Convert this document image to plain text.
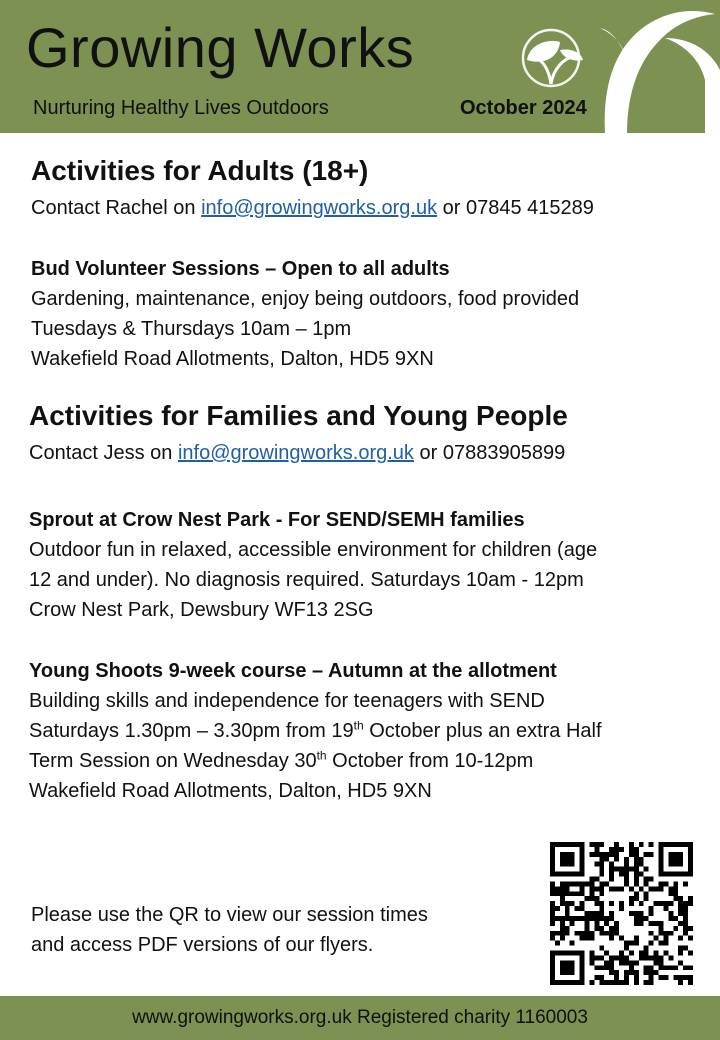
Growing Works
Nurturing Healthy Lives Outdoors	October 2024
Activities for Adults (18+)
Contact Rachel on info@growingworks.org.uk or 07845 415289
Bud Volunteer Sessions – Open to all adults
Gardening, maintenance, enjoy being outdoors, food provided
Tuesdays & Thursdays 10am – 1pm
Wakefield Road Allotments, Dalton, HD5 9XN
Activities for Families and Young People
Contact Jess on info@growingworks.org.uk or 07883905899
Sprout at Crow Nest Park - For SEND/SEMH families
Outdoor fun in relaxed, accessible environment for children (age
12 and under). No diagnosis required. Saturdays 10am - 12pm
Crow Nest Park, Dewsbury WF13 2SG
Young Shoots 9-week course – Autumn at the allotment
Building skills and independence for teenagers with SEND
Saturdays 1.30pm – 3.30pm from 19th October plus an extra Half
Term Session on Wednesday 30th October from 10-12pm
Wakefield Road Allotments, Dalton, HD5 9XN
Please use the QR to view our session times
and access PDF versions of our flyers.
www.growingworks.org.uk Registered charity 1160003
